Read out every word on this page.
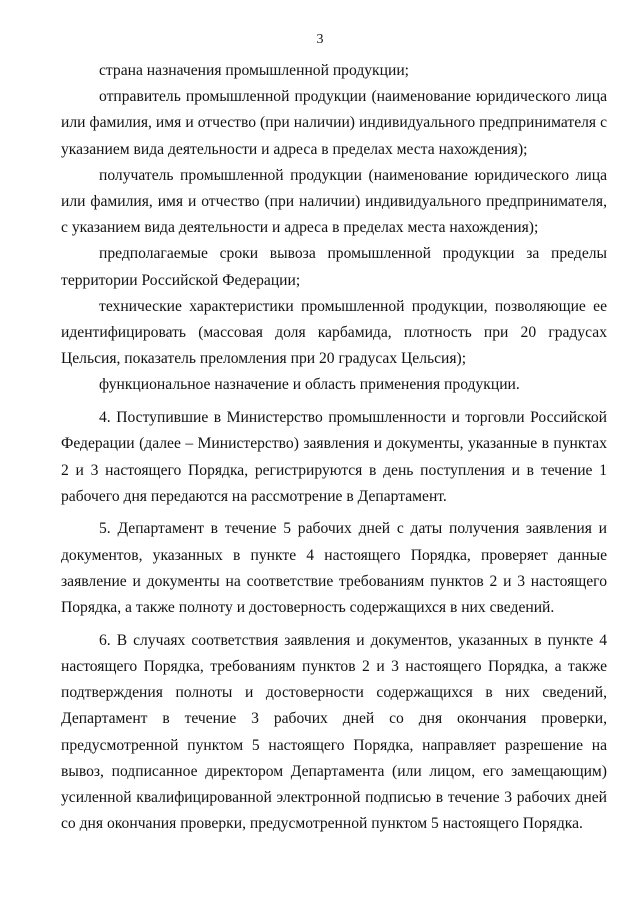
3

страна назначения промышленной продукции;

отправитель промышленной продукции (наименование юридического лица или фамилия, имя и отчество (при наличии) индивидуального предпринимателя с указанием вида деятельности и адреса в пределах места нахождения);

получатель промышленной продукции (наименование юридического лица или фамилия, имя и отчество (при наличии) индивидуального предпринимателя, с указанием вида деятельности и адреса в пределах места нахождения);

предполагаемые сроки вывоза промышленной продукции за пределы территории Российской Федерации;

технические характеристики промышленной продукции, позволяющие ее идентифицировать (массовая доля карбамида, плотность при 20 градусах Цельсия, показатель преломления при 20 градусах Цельсия);

функциональное назначение и область применения продукции.

4. Поступившие в Министерство промышленности и торговли Российской Федерации (далее – Министерство) заявления и документы, указанные в пунктах 2 и 3 настоящего Порядка, регистрируются в день поступления и в течение 1 рабочего дня передаются на рассмотрение в Департамент.

5. Департамент в течение 5 рабочих дней с даты получения заявления и документов, указанных в пункте 4 настоящего Порядка, проверяет данные заявление и документы на соответствие требованиям пунктов 2 и 3 настоящего Порядка, а также полноту и достоверность содержащихся в них сведений.

6. В случаях соответствия заявления и документов, указанных в пункте 4 настоящего Порядка, требованиям пунктов 2 и 3 настоящего Порядка, а также подтверждения полноты и достоверности содержащихся в них сведений, Департамент в течение 3 рабочих дней со дня окончания проверки, предусмотренной пунктом 5 настоящего Порядка, направляет разрешение на вывоз, подписанное директором Департамента (или лицом, его замещающим) усиленной квалифицированной электронной подписью в течение 3 рабочих дней со дня окончания проверки, предусмотренной пунктом 5 настоящего Порядка.
